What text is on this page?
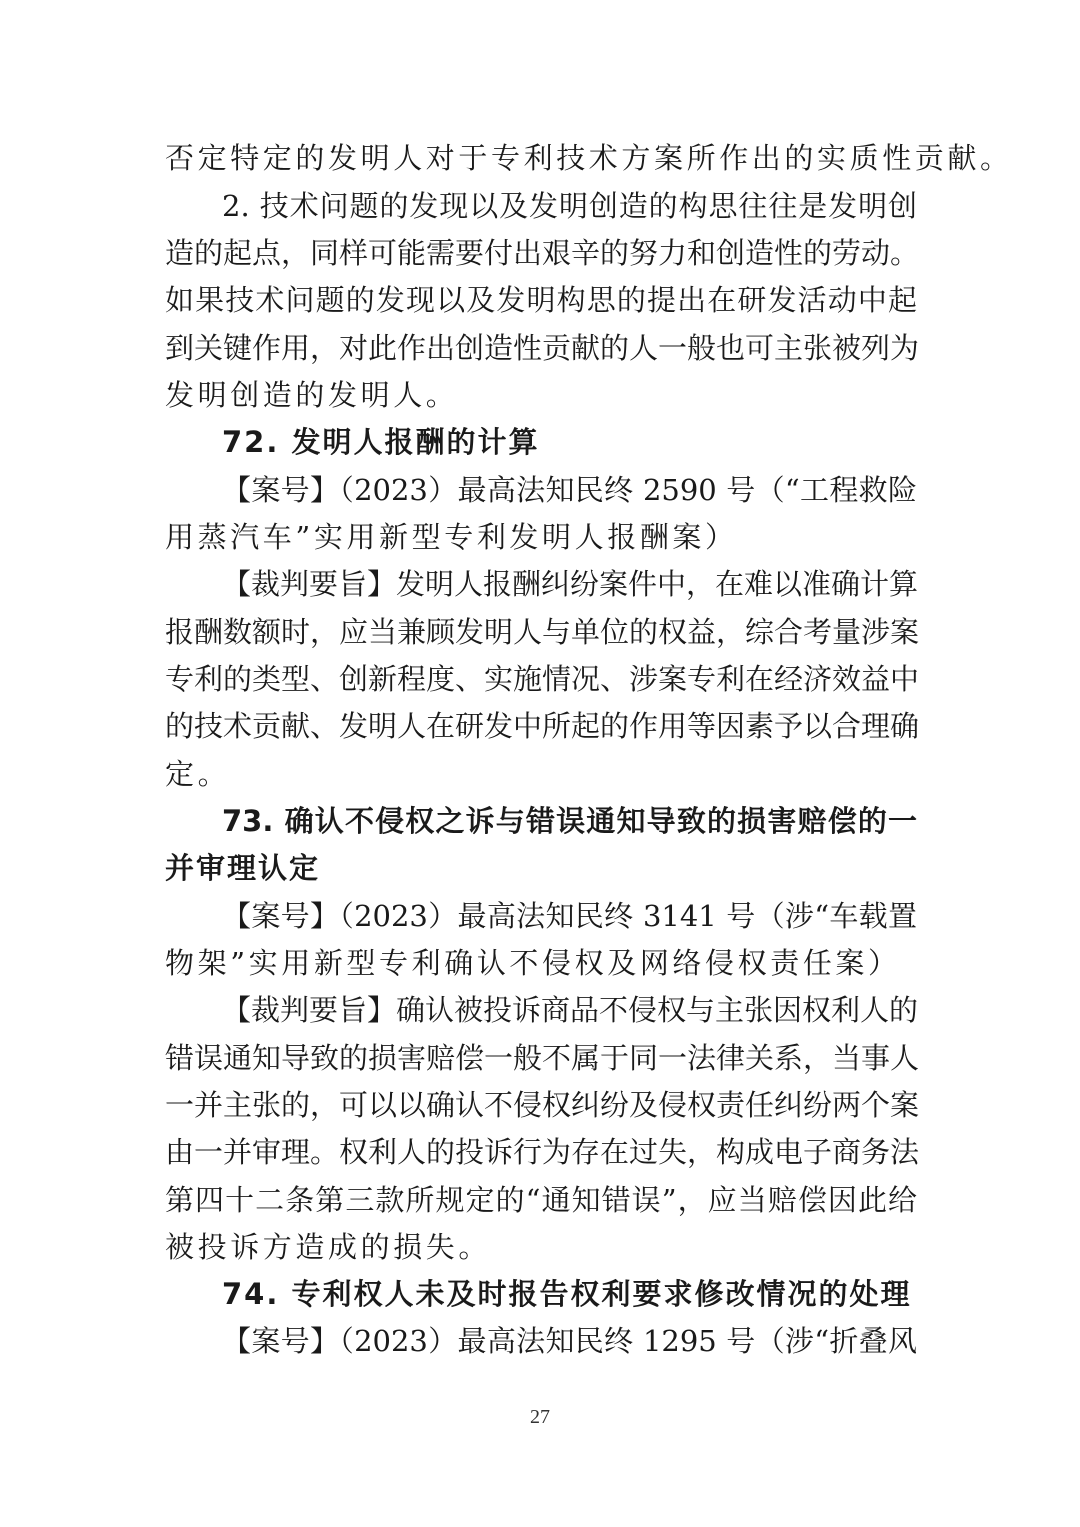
否定特定的发明人对于专利技术方案所作出的实质性贡献。
2. 技术问题的发现以及发明创造的构思往往是发明创
造的起点，同样可能需要付出艰辛的努力和创造性的劳动。
如果技术问题的发现以及发明构思的提出在研发活动中起
到关键作用，对此作出创造性贡献的人一般也可主张被列为
发明创造的发明人。
72. 发明人报酬的计算
【案号】（2023）最高法知民终 2590 号（“工程救险
用蒸汽车”实用新型专利发明人报酬案）
【裁判要旨】发明人报酬纠纷案件中，在难以准确计算
报酬数额时，应当兼顾发明人与单位的权益，综合考量涉案
专利的类型、创新程度、实施情况、涉案专利在经济效益中
的技术贡献、发明人在研发中所起的作用等因素予以合理确
定。
73. 确认不侵权之诉与错误通知导致的损害赔偿的一
并审理认定
【案号】（2023）最高法知民终 3141 号（涉“车载置
物架”实用新型专利确认不侵权及网络侵权责任案）
【裁判要旨】确认被投诉商品不侵权与主张因权利人的
错误通知导致的损害赔偿一般不属于同一法律关系，当事人
一并主张的，可以以确认不侵权纠纷及侵权责任纠纷两个案
由一并审理。权利人的投诉行为存在过失，构成电子商务法
第四十二条第三款所规定的“通知错误”，应当赔偿因此给
被投诉方造成的损失。
74. 专利权人未及时报告权利要求修改情况的处理
【案号】（2023）最高法知民终 1295 号（涉“折叠风
27
